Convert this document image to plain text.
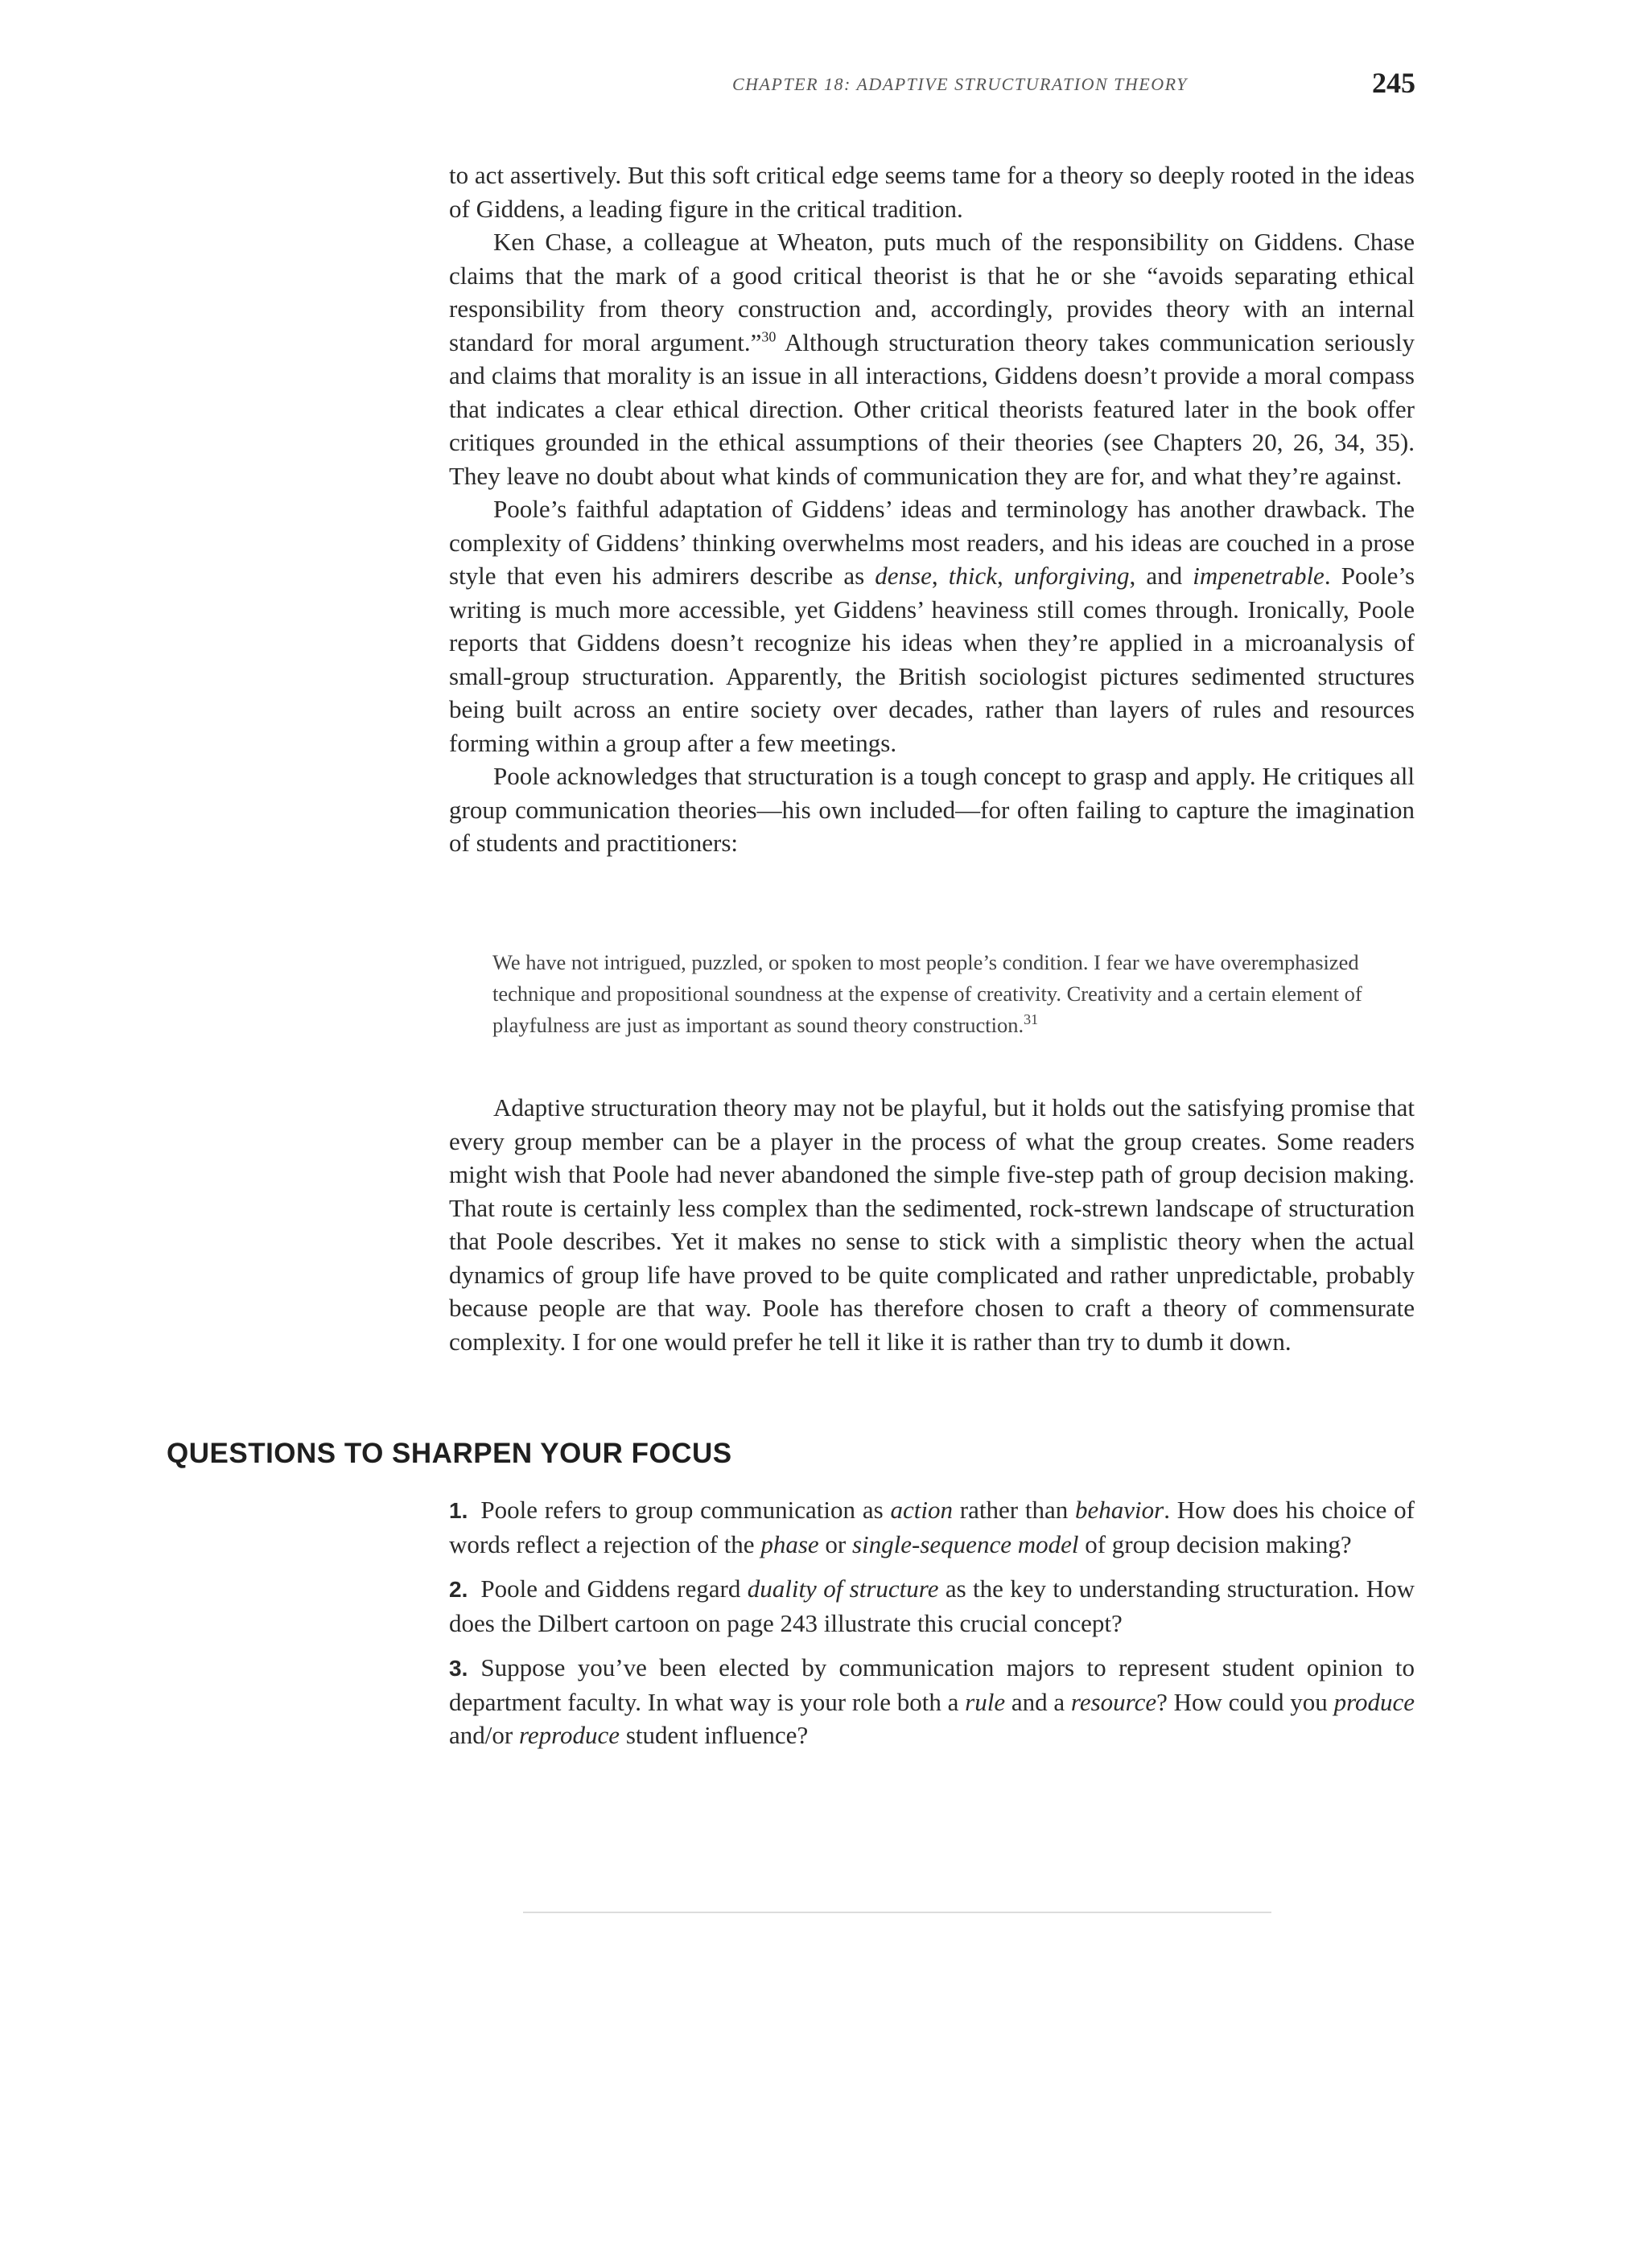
CHAPTER 18: ADAPTIVE STRUCTURATION THEORY	245

to act assertively. But this soft critical edge seems tame for a theory so deeply rooted in the ideas of Giddens, a leading figure in the critical tradition.

Ken Chase, a colleague at Wheaton, puts much of the responsibility on Giddens. Chase claims that the mark of a good critical theorist is that he or she “avoids separating ethical responsibility from theory construction and, accordingly, provides theory with an internal standard for moral argument.”$^{30}$ Although structuration theory takes communication seriously and claims that morality is an issue in all interactions, Giddens doesn’t provide a moral compass that indicates a clear ethical direction. Other critical theorists featured later in the book offer critiques grounded in the ethical assumptions of their theories (see Chapters 20, 26, 34, 35). They leave no doubt about what kinds of communication they are for, and what they’re against.

Poole’s faithful adaptation of Giddens’ ideas and terminology has another drawback. The complexity of Giddens’ thinking overwhelms most readers, and his ideas are couched in a prose style that even his admirers describe as dense, thick, unforgiving, and impenetrable. Poole’s writing is much more accessible, yet Giddens’ heaviness still comes through. Ironically, Poole reports that Giddens doesn’t recognize his ideas when they’re applied in a microanalysis of small-group structuration. Apparently, the British sociologist pictures sedimented structures being built across an entire society over decades, rather than layers of rules and resources forming within a group after a few meetings.

Poole acknowledges that structuration is a tough concept to grasp and apply. He critiques all group communication theories—his own included—for often failing to capture the imagination of students and practitioners:

We have not intrigued, puzzled, or spoken to most people’s condition. I fear we have overemphasized technique and propositional soundness at the expense of creativity. Creativity and a certain element of playfulness are just as important as sound theory construction.$^{31}$

Adaptive structuration theory may not be playful, but it holds out the satisfying promise that every group member can be a player in the process of what the group creates. Some readers might wish that Poole had never abandoned the simple five-step path of group decision making. That route is certainly less complex than the sedimented, rock-strewn landscape of structuration that Poole describes. Yet it makes no sense to stick with a simplistic theory when the actual dynamics of group life have proved to be quite complicated and rather unpredictable, probably because people are that way. Poole has therefore chosen to craft a theory of commensurate complexity. I for one would prefer he tell it like it is rather than try to dumb it down.

QUESTIONS TO SHARPEN YOUR FOCUS
1. Poole refers to group communication as action rather than behavior. How does his choice of words reflect a rejection of the phase or single-sequence model of group decision making?
2. Poole and Giddens regard duality of structure as the key to understanding structuration. How does the Dilbert cartoon on page 243 illustrate this crucial concept?
3. Suppose you’ve been elected by communication majors to represent student opinion to department faculty. In what way is your role both a rule and a resource? How could you produce and/or reproduce student influence?
